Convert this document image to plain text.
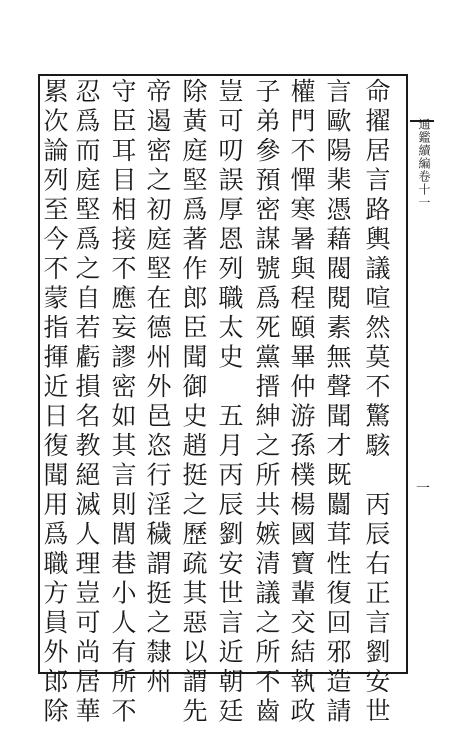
通鑑續編卷十一
一
命擢居言路輿議喧然莫不驚駭　丙辰右正言劉安世
言歐陽棐憑藉閥閱素無聲聞才既闒茸性復回邪造請
權門不憚寒暑與程頤畢仲游孫樸楊國寶輩交結執政
子弟參預密謀號爲死黨搢紳之所共嫉清議之所不齒
豈可叨誤厚恩列職太史　五月丙辰劉安世言近朝廷
除黃庭堅爲著作郎臣聞御史趙挺之歷疏其惡以謂先
帝遏密之初庭堅在德州外邑恣行淫穢謂挺之隸州
守臣耳目相接不應妄謬密如其言則閭巷小人有所不
忍爲而庭堅爲之自若虧損名教絕滅人理豈可尚居華
累次論列至今不蒙指揮近日復聞用爲職方員外郎除
